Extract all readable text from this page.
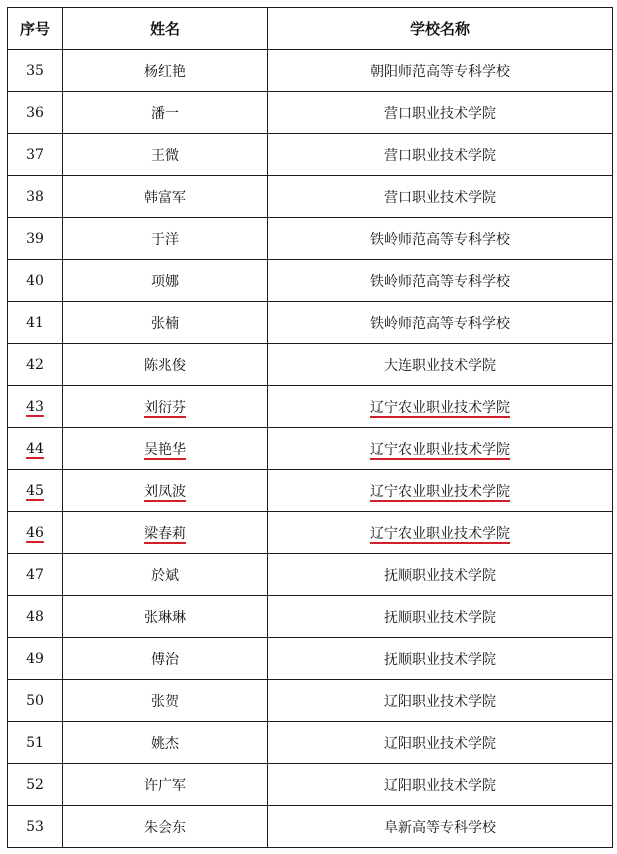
序号	姓名	学校名称
35	杨红艳	朝阳师范高等专科学校
36	潘一	营口职业技术学院
37	王微	营口职业技术学院
38	韩富军	营口职业技术学院
39	于洋	铁岭师范高等专科学校
40	项娜	铁岭师范高等专科学校
41	张楠	铁岭师范高等专科学校
42	陈兆俊	大连职业技术学院
43	刘衍芬	辽宁农业职业技术学院
44	吴艳华	辽宁农业职业技术学院
45	刘凤波	辽宁农业职业技术学院
46	梁春莉	辽宁农业职业技术学院
47	於斌	抚顺职业技术学院
48	张琳琳	抚顺职业技术学院
49	傅治	抚顺职业技术学院
50	张贺	辽阳职业技术学院
51	姚杰	辽阳职业技术学院
52	许广军	辽阳职业技术学院
53	朱会东	阜新高等专科学校
